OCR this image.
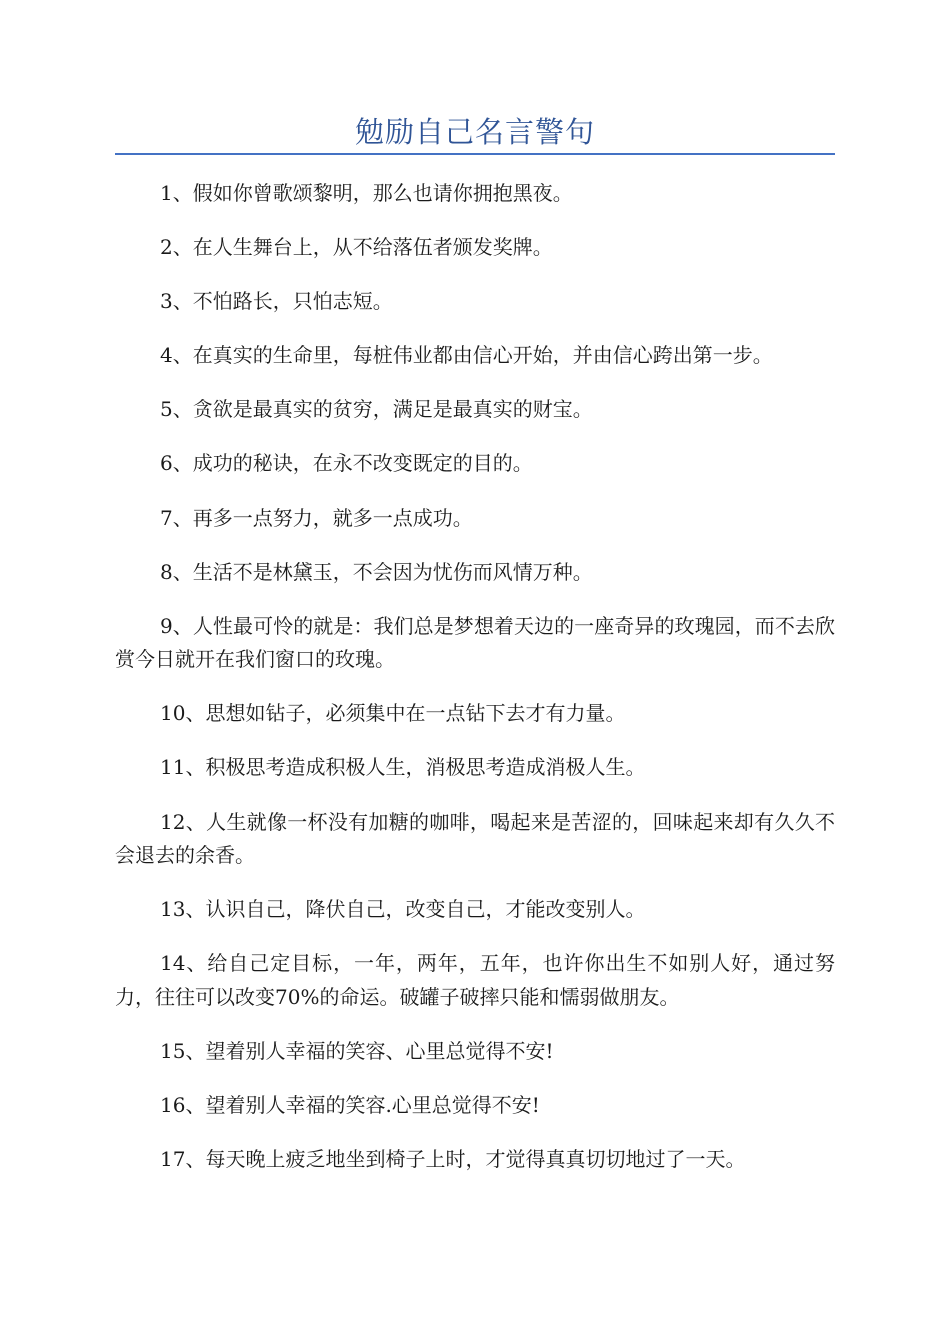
勉励自己名言警句

1、假如你曾歌颂黎明，那么也请你拥抱黑夜。

2、在人生舞台上，从不给落伍者颁发奖牌。

3、不怕路长，只怕志短。

4、在真实的生命里，每桩伟业都由信心开始，并由信心跨出第一步。

5、贪欲是最真实的贫穷，满足是最真实的财宝。

6、成功的秘诀，在永不改变既定的目的。

7、再多一点努力，就多一点成功。

8、生活不是林黛玉，不会因为忧伤而风情万种。

9、人性最可怜的就是：我们总是梦想着天边的一座奇异的玫瑰园，而不去欣赏今日就开在我们窗口的玫瑰。

10、思想如钻子，必须集中在一点钻下去才有力量。

11、积极思考造成积极人生，消极思考造成消极人生。

12、人生就像一杯没有加糖的咖啡，喝起来是苦涩的，回味起来却有久久不会退去的余香。

13、认识自己，降伏自己，改变自己，才能改变别人。

14、给自己定目标，一年，两年，五年，也许你出生不如别人好，通过努力，往往可以改变70%的命运。破罐子破摔只能和懦弱做朋友。

15、望着别人幸福的笑容、心里总觉得不安!

16、望着别人幸福的笑容.心里总觉得不安!

17、每天晚上疲乏地坐到椅子上时，才觉得真真切切地过了一天。
